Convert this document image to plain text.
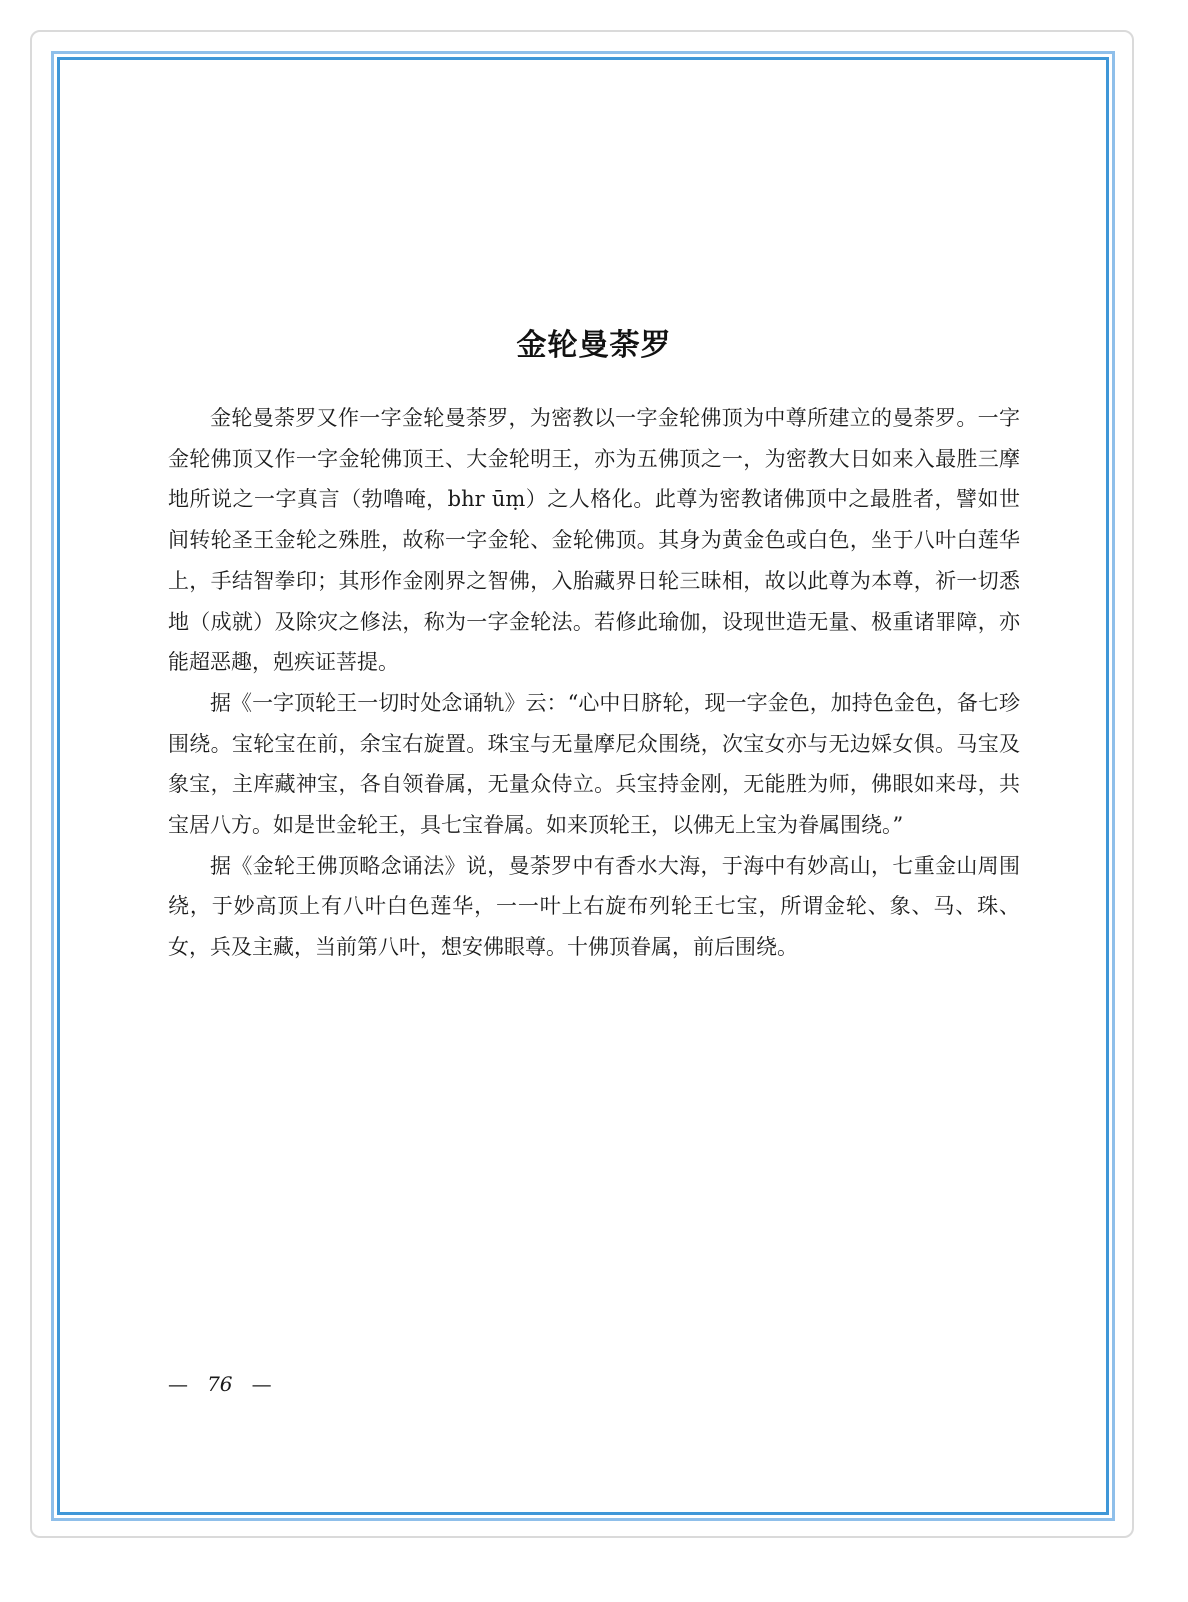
金轮曼荼罗

金轮曼荼罗又作一字金轮曼荼罗，为密教以一字金轮佛顶为中尊所建立的曼荼罗。一字金轮佛顶又作一字金轮佛顶王、大金轮明王，亦为五佛顶之一，为密教大日如来入最胜三摩地所说之一字真言（勃噜唵，bhr ūṃ）之人格化。此尊为密教诸佛顶中之最胜者，譬如世间转轮圣王金轮之殊胜，故称一字金轮、金轮佛顶。其身为黄金色或白色，坐于八叶白莲华上，手结智拳印；其形作金刚界之智佛，入胎藏界日轮三昧相，故以此尊为本尊，祈一切悉地（成就）及除灾之修法，称为一字金轮法。若修此瑜伽，设现世造无量、极重诸罪障，亦能超恶趣，剋疾证菩提。

据《一字顶轮王一切时处念诵轨》云：“心中日脐轮，现一字金色，加持色金色，备七珍围绕。宝轮宝在前，余宝右旋置。珠宝与无量摩尼众围绕，次宝女亦与无边婇女俱。马宝及象宝，主库藏神宝，各自领眷属，无量众侍立。兵宝持金刚，无能胜为师，佛眼如来母，共宝居八方。如是世金轮王，具七宝眷属。如来顶轮王，以佛无上宝为眷属围绕。”

据《金轮王佛顶略念诵法》说，曼荼罗中有香水大海，于海中有妙高山，七重金山周围绕，于妙高顶上有八叶白色莲华，一一叶上右旋布列轮王七宝，所谓金轮、象、马、珠、女，兵及主藏，当前第八叶，想安佛眼尊。十佛顶眷属，前后围绕。

— 76 —
